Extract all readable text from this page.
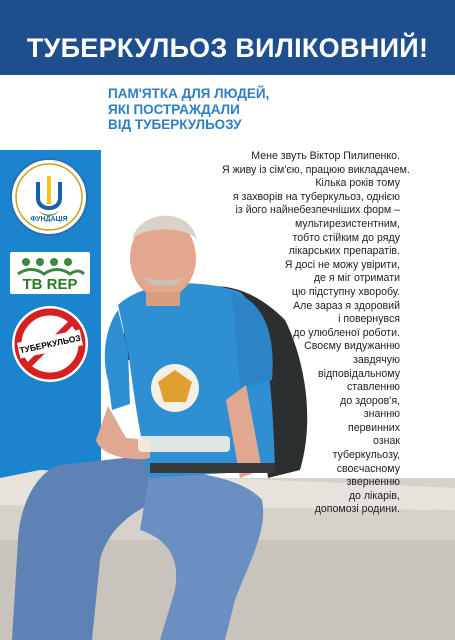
ТУБЕРКУЛЬОЗ ВИЛІКОВНИЙ!
ПАМ'ЯТКА ДЛЯ ЛЮДЕЙ,
ЯКІ ПОСТРАЖДАЛИ
ВІД ТУБЕРКУЛЬОЗУ
ФУНДАЦІЯ
TB REP
ТУБЕРКУЛЬОЗ
Мене звуть Віктор Пилипенко.
Я живу із сім'єю, працюю викладачем.
Кілька років тому
я захворів на туберкульоз, однією
із його найнебезпечніших форм –
мультирезистентним,
тобто стійким до ряду
лікарських препаратів.
Я досі не можу увірити,
де я міг отримати
цю підступну хворобу.
Але зараз я здоровий
і повернувся
до улюбленої роботи.
Своєму видужанню
завдячую
відповідальному
ставленню
до здоров'я,
знанню
первинних
ознак
туберкульозу,
своєчасному
зверненню
до лікарів,
допомозі родини.
